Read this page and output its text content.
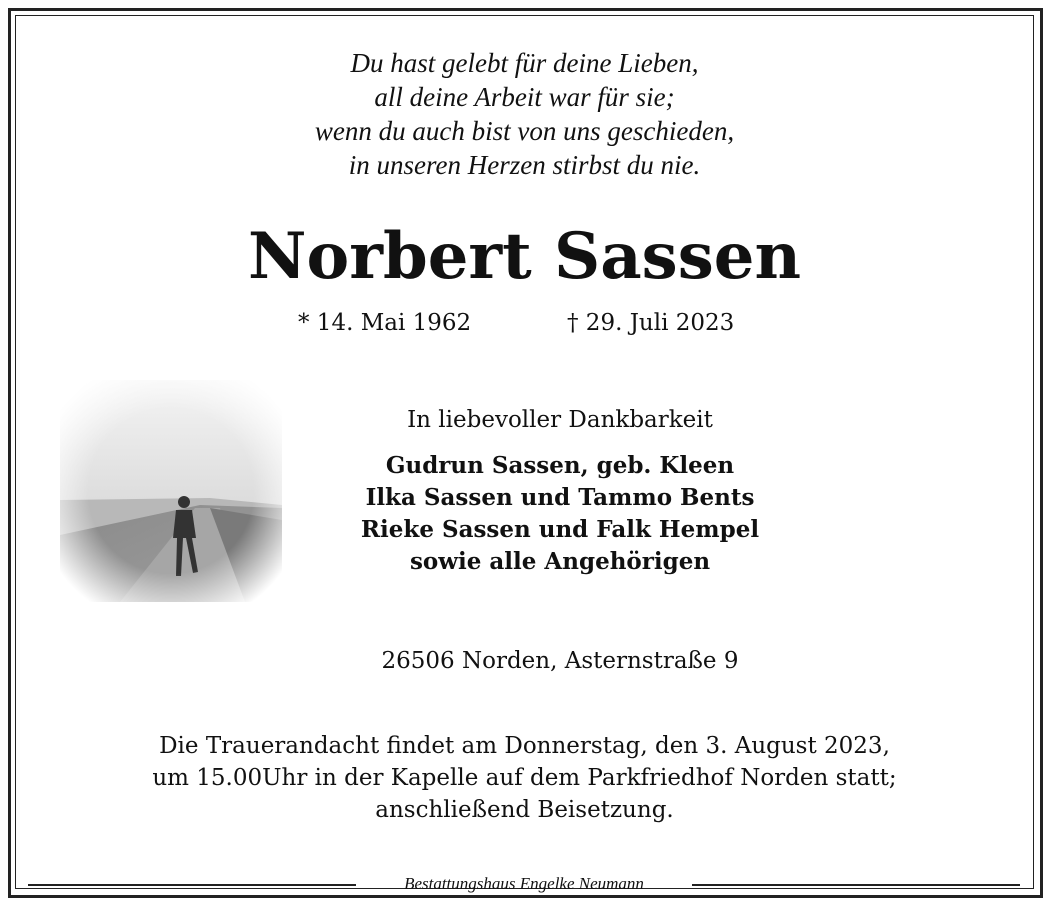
Du hast gelebt für deine Lieben,
all deine Arbeit war für sie;
wenn du auch bist von uns geschieden,
in unseren Herzen stirbst du nie.
Norbert Sassen
* 14. Mai 1962	† 29. Juli 2023
In liebevoller Dankbarkeit
Gudrun Sassen, geb. Kleen
Ilka Sassen und Tammo Bents
Rieke Sassen und Falk Hempel
sowie alle Angehörigen
26506 Norden, Asternstraße 9
Die Trauerandacht findet am Donnerstag, den 3. August 2023,
um 15.00Uhr in der Kapelle auf dem Parkfriedhof Norden statt;
anschließend Beisetzung.
Bestattungshaus Engelke Neumann
